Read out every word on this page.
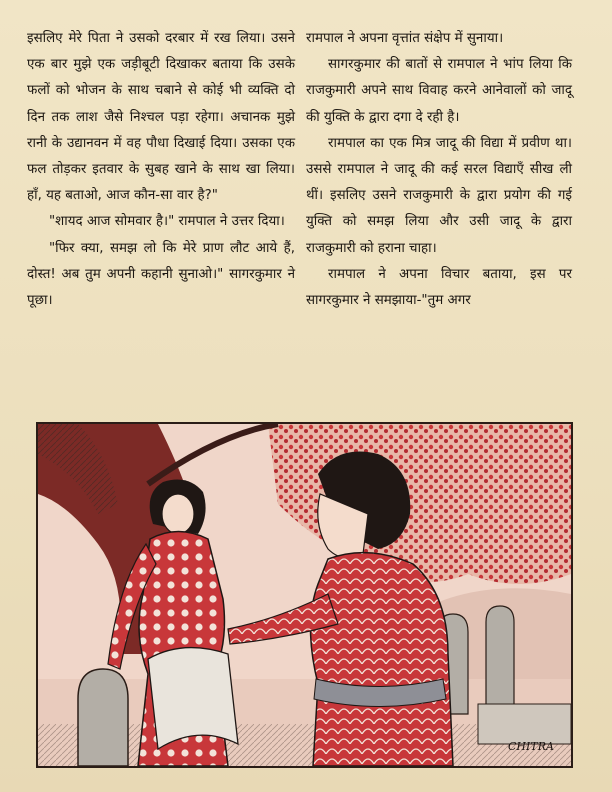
इसलिए मेरे पिता ने उसको दरबार में रख लिया। उसने एक बार मुझे एक जड़ीबूटी दिखाकर बताया कि उसके फलों को भोजन के साथ चबाने से कोई भी व्यक्ति दो दिन तक लाश जैसे निश्चल पड़ा रहेगा। अचानक मुझे रानी के उद्यानवन में वह पौधा दिखाई दिया। उसका एक फल तोड़कर इतवार के सुबह खाने के साथ खा लिया। हाँ, यह बताओ, आज कौन-सा वार है?"

"शायद आज सोमवार है।" रामपाल ने उत्तर दिया।

"फिर क्या, समझ लो कि मेरे प्राण लौट आये हैं, दोस्त! अब तुम अपनी कहानी सुनाओ।" सागरकुमार ने पूछा।

रामपाल ने अपना वृत्तांत संक्षेप में सुनाया।

सागरकुमार की बातों से रामपाल ने भांप लिया कि राजकुमारी अपने साथ विवाह करने आनेवालों को जादू की युक्ति के द्वारा दगा दे रही है।

रामपाल का एक मित्र जादू की विद्या में प्रवीण था। उससे रामपाल ने जादू की कई सरल विद्याएँ सीख ली थीं। इसलिए उसने राजकुमारी के द्वारा प्रयोग की गई युक्ति को समझ लिया और उसी जादू के द्वारा राजकुमारी को हराना चाहा।

रामपाल ने अपना विचार बताया, इस पर सागरकुमार ने समझाया-"तुम अगर

CHITRA
